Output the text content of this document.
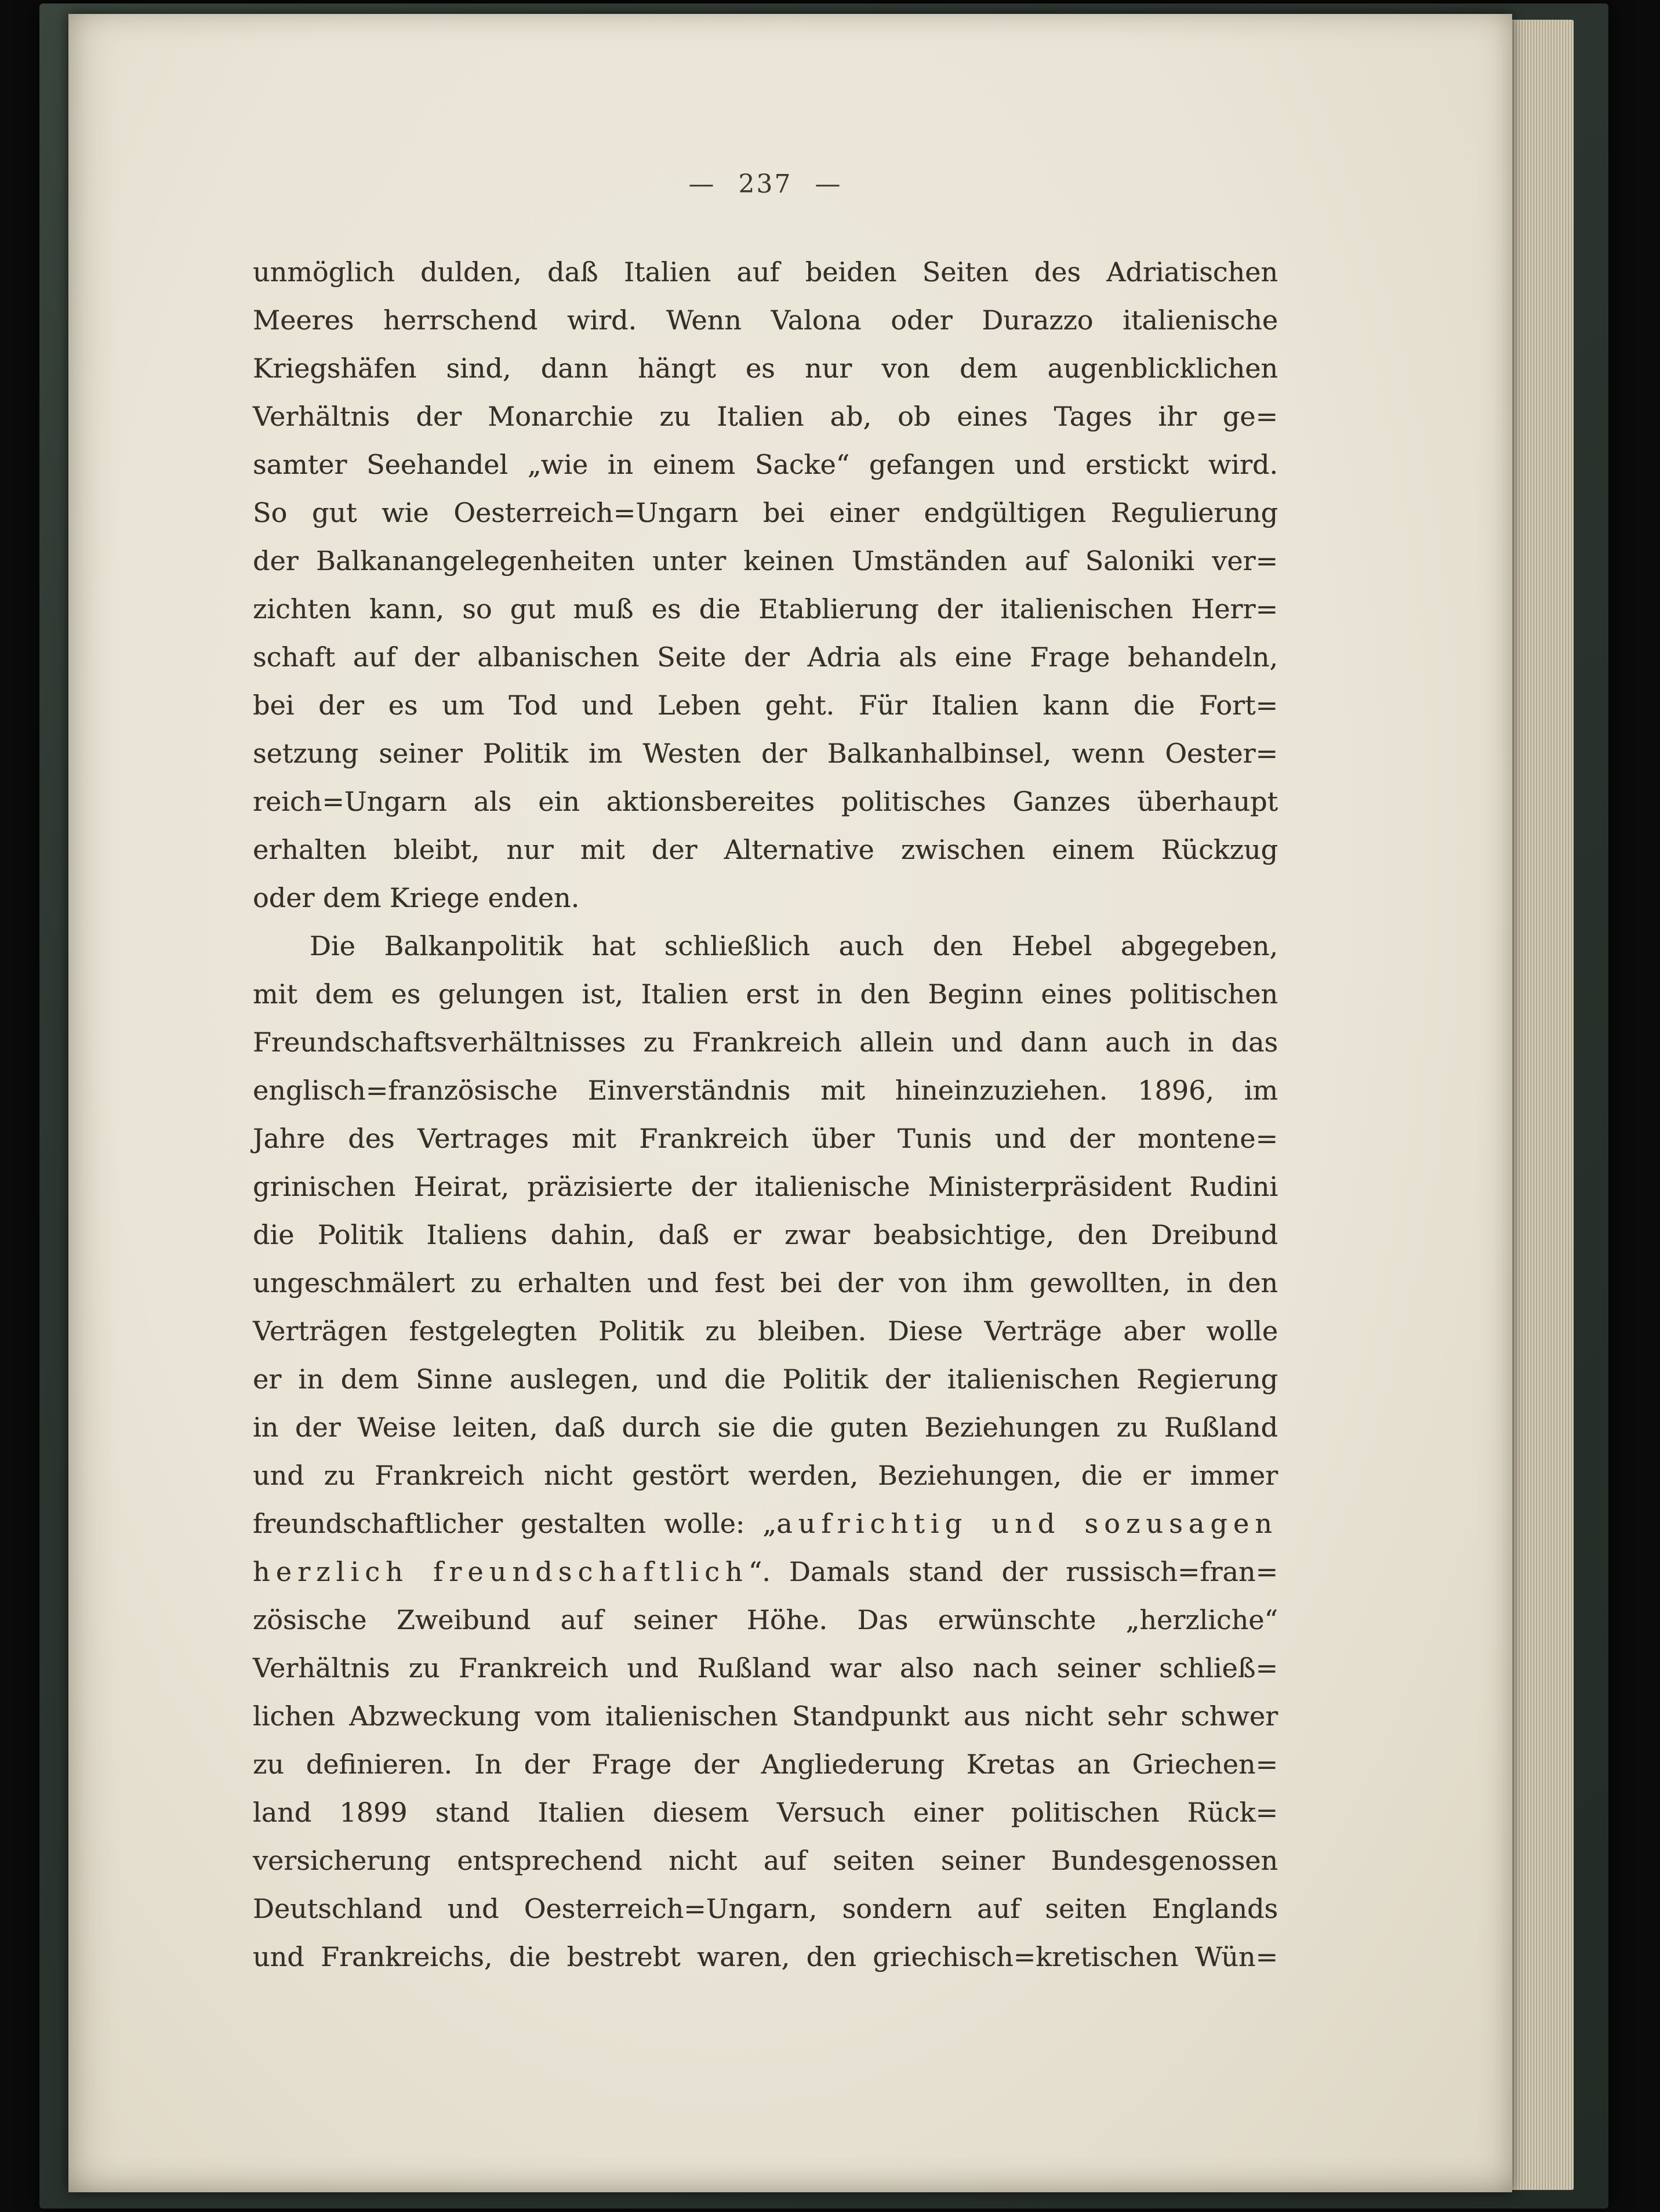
— 237 —
unmöglich dulden, daß Italien auf beiden Seiten des Adriatischen
Meeres herrschend wird. Wenn Valona oder Durazzo italienische
Kriegshäfen sind, dann hängt es nur von dem augenblicklichen
Verhältnis der Monarchie zu Italien ab, ob eines Tages ihr ge=
samter Seehandel „wie in einem Sacke“ gefangen und erstickt wird.
So gut wie Oesterreich=Ungarn bei einer endgültigen Regulierung
der Balkanangelegenheiten unter keinen Umständen auf Saloniki ver=
zichten kann, so gut muß es die Etablierung der italienischen Herr=
schaft auf der albanischen Seite der Adria als eine Frage behandeln,
bei der es um Tod und Leben geht. Für Italien kann die Fort=
setzung seiner Politik im Westen der Balkanhalbinsel, wenn Oester=
reich=Ungarn als ein aktionsbereites politisches Ganzes überhaupt
erhalten bleibt, nur mit der Alternative zwischen einem Rückzug
oder dem Kriege enden.
Die Balkanpolitik hat schließlich auch den Hebel abgegeben,
mit dem es gelungen ist, Italien erst in den Beginn eines politischen
Freundschaftsverhältnisses zu Frankreich allein und dann auch in das
englisch=französische Einverständnis mit hineinzuziehen. 1896, im
Jahre des Vertrages mit Frankreich über Tunis und der montene=
grinischen Heirat, präzisierte der italienische Ministerpräsident Rudini
die Politik Italiens dahin, daß er zwar beabsichtige, den Dreibund
ungeschmälert zu erhalten und fest bei der von ihm gewollten, in den
Verträgen festgelegten Politik zu bleiben. Diese Verträge aber wolle
er in dem Sinne auslegen, und die Politik der italienischen Regierung
in der Weise leiten, daß durch sie die guten Beziehungen zu Rußland
und zu Frankreich nicht gestört werden, Beziehungen, die er immer
freundschaftlicher gestalten wolle: „aufrichtig und sozusagen
herzlich freundschaftlich“. Damals stand der russisch=fran=
zösische Zweibund auf seiner Höhe. Das erwünschte „herzliche“
Verhältnis zu Frankreich und Rußland war also nach seiner schließ=
lichen Abzweckung vom italienischen Standpunkt aus nicht sehr schwer
zu definieren. In der Frage der Angliederung Kretas an Griechen=
land 1899 stand Italien diesem Versuch einer politischen Rück=
versicherung entsprechend nicht auf seiten seiner Bundesgenossen
Deutschland und Oesterreich=Ungarn, sondern auf seiten Englands
und Frankreichs, die bestrebt waren, den griechisch=kretischen Wün=
